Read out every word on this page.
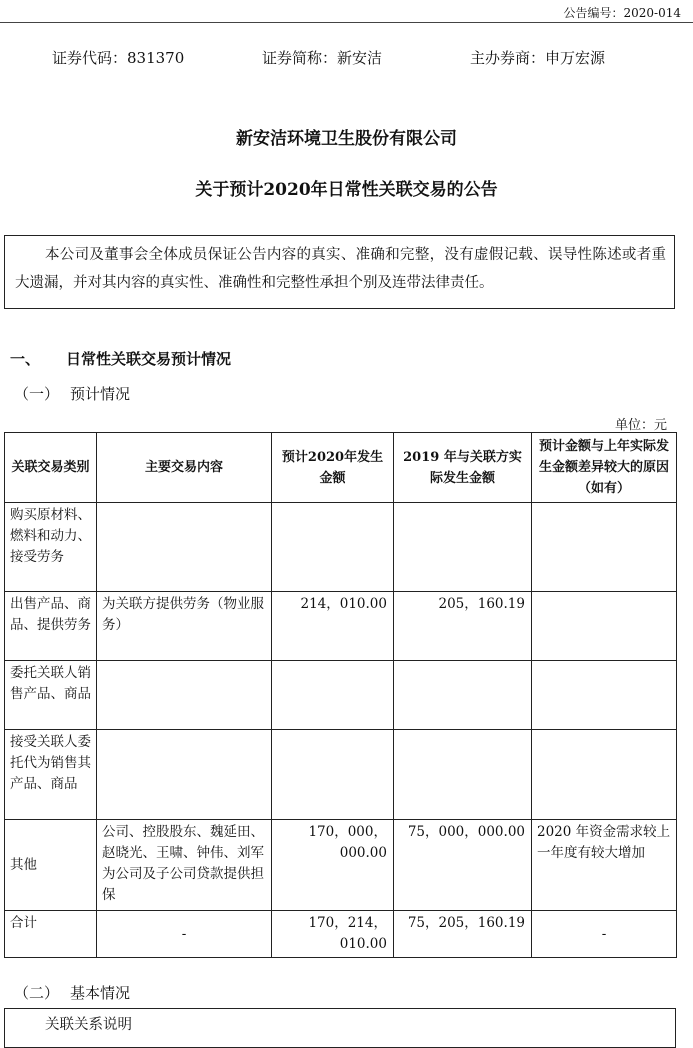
公告编号：2020-014
证券代码：831370	证券简称：新安洁	主办券商：申万宏源
新安洁环境卫生股份有限公司
关于预计2020年日常性关联交易的公告

本公司及董事会全体成员保证公告内容的真实、准确和完整，没有虚假记载、误导性陈述或者重大遗漏，并对其内容的真实性、准确性和完整性承担个别及连带法律责任。

一、 日常性关联交易预计情况
（一） 预计情况
单位：元
关联交易类别	主要交易内容	预计2020年发生金额	2019 年与关联方实际发生金额	预计金额与上年实际发生金额差异较大的原因（如有）
购买原材料、燃料和动力、接受劳务				
出售产品、商品、提供劳务	为关联方提供劳务（物业服务）	214，010.00	205，160.19	
委托关联人销售产品、商品				
接受关联人委托代为销售其产品、商品				
其他	公司、控股股东、魏延田、赵晓光、王啸、钟伟、刘军为公司及子公司贷款提供担保	170，000，000.00	75，000，000.00	2020 年资金需求较上一年度有较大增加
合计	-	170，214，010.00	75，205，160.19	-
（二） 基本情况
关联关系说明
